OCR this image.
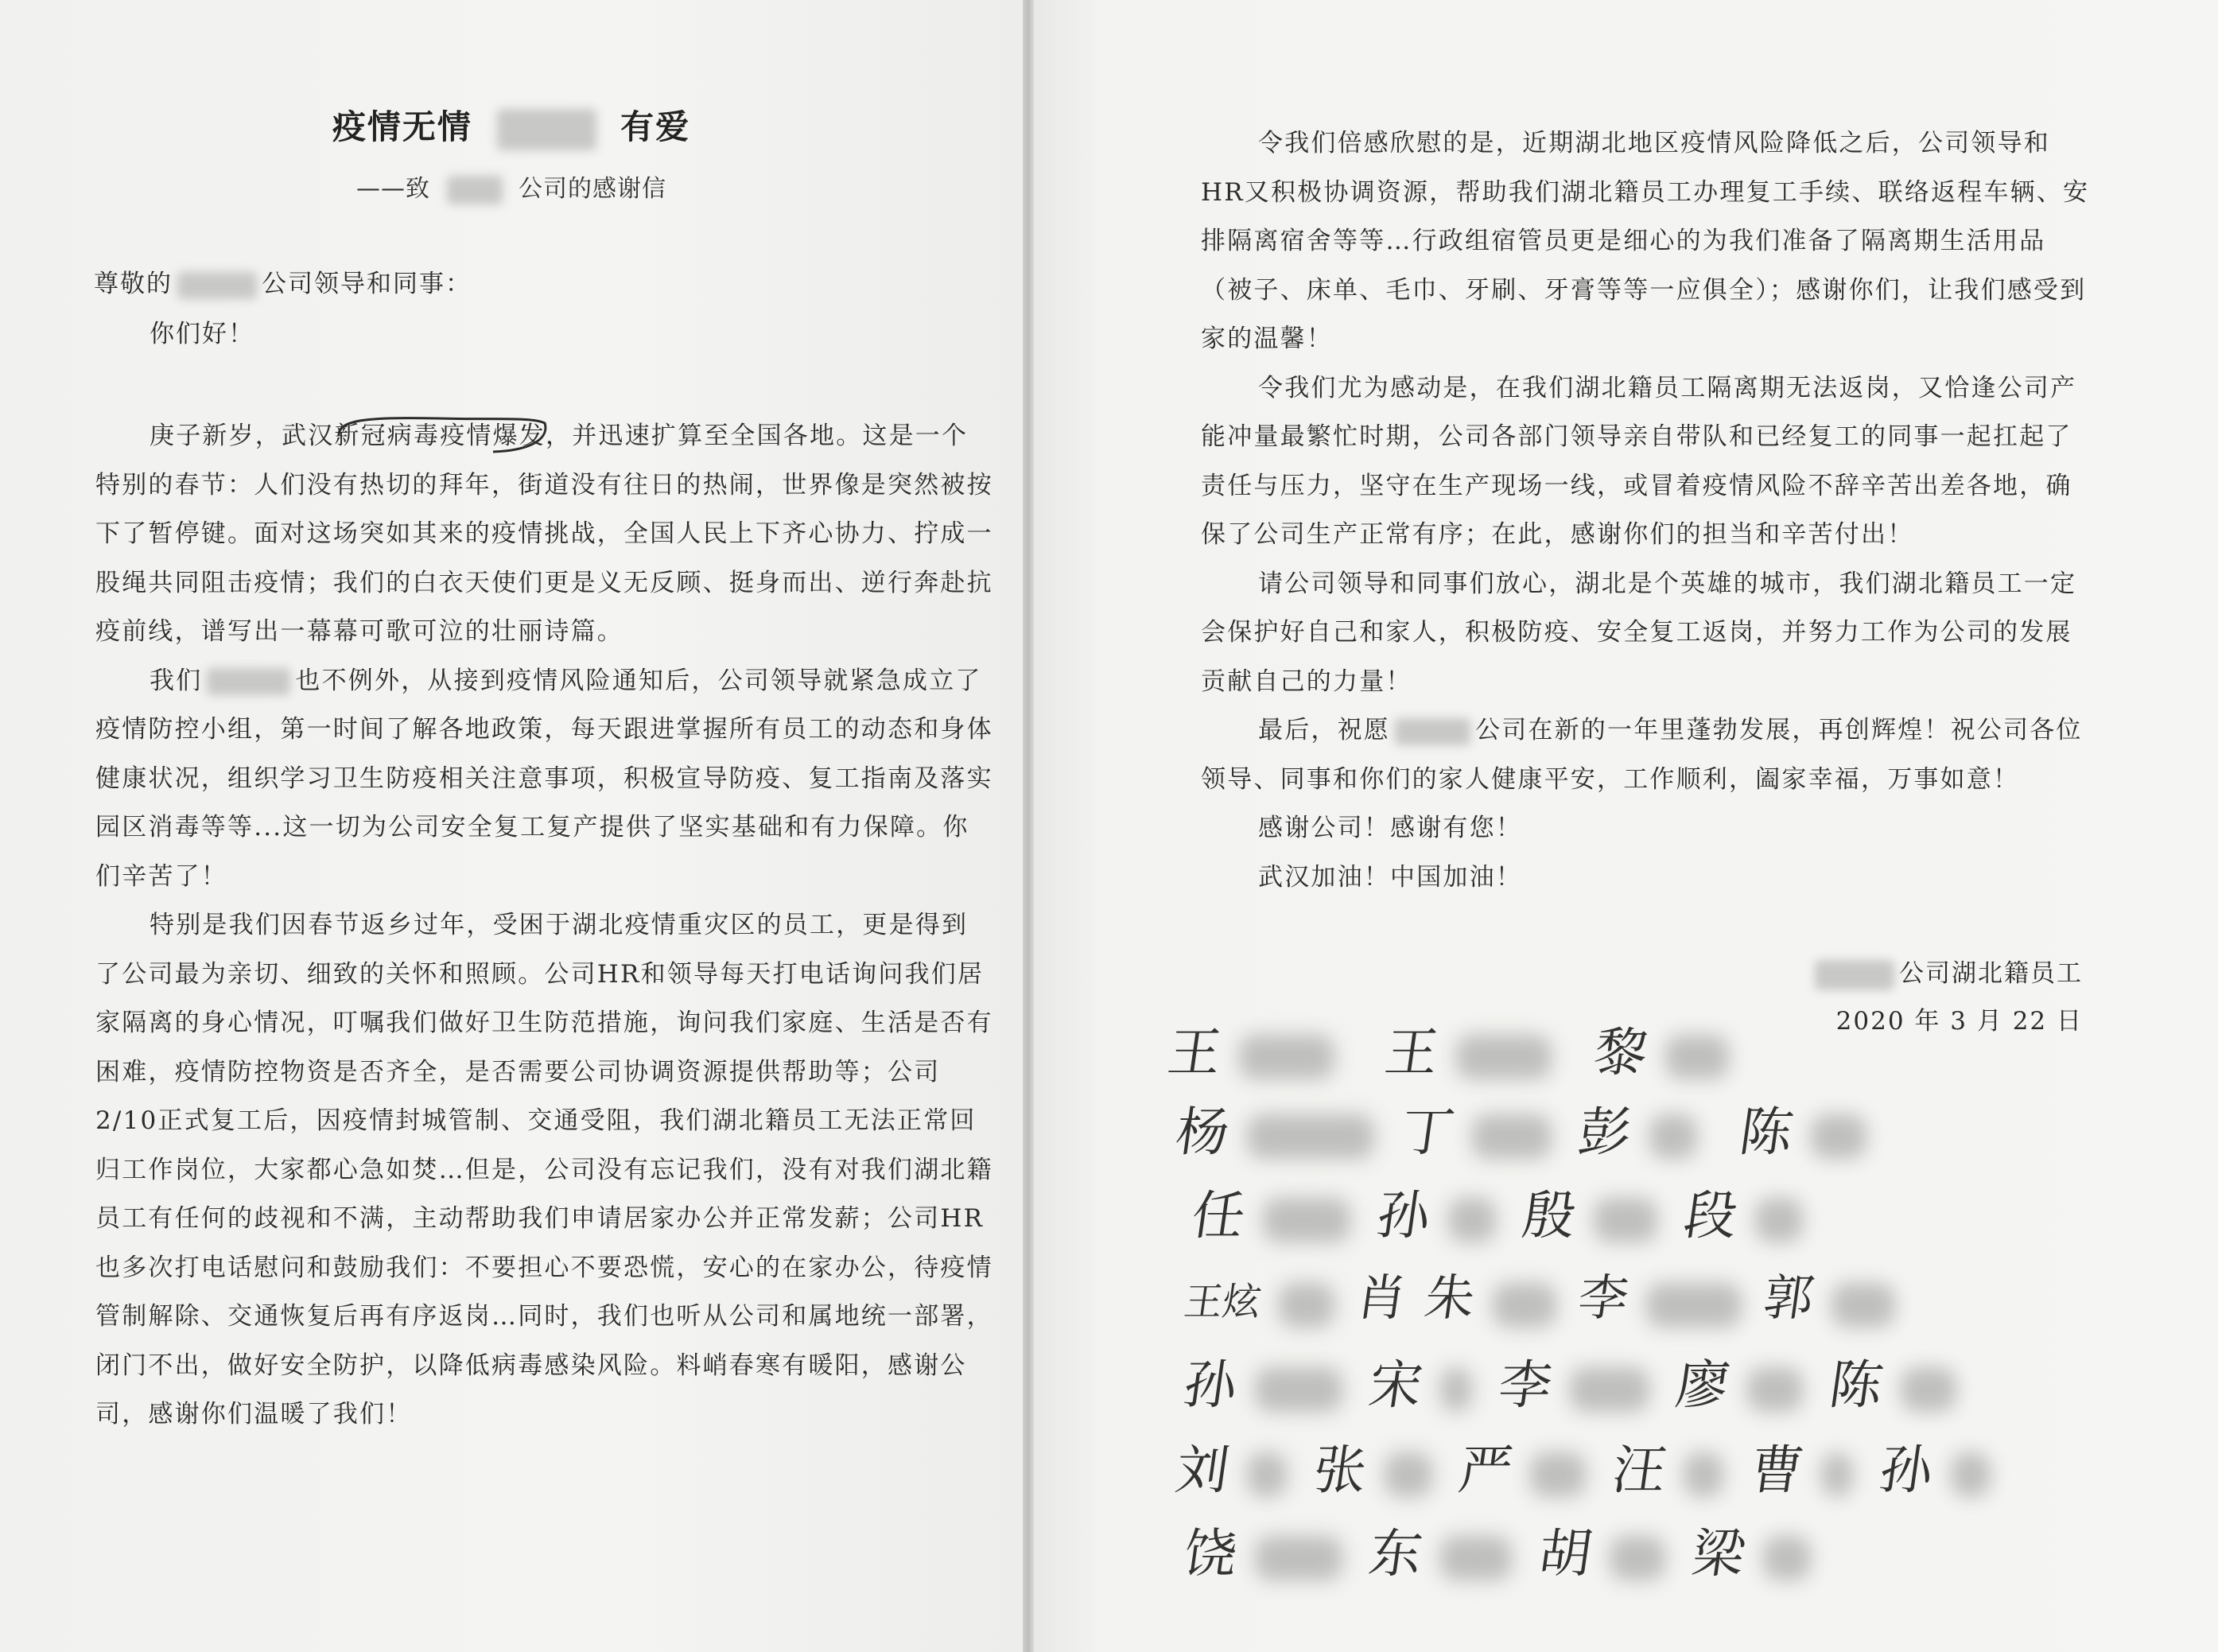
疫情无情	有爱
——致	公司的感谢信
尊敬的	公司领导和同事：
你们好！

庚子新岁，武汉新冠病毒疫情爆发，并迅速扩算至全国各地。这是一个特别的春节：人们没有热切的拜年，街道没有往日的热闹，世界像是突然被按下了暂停键。面对这场突如其来的疫情挑战，全国人民上下齐心协力、拧成一股绳共同阻击疫情；我们的白衣天使们更是义无反顾、挺身而出、逆行奔赴抗疫前线，谱写出一幕幕可歌可泣的壮丽诗篇。

我们	也不例外，从接到疫情风险通知后，公司领导就紧急成立了疫情防控小组，第一时间了解各地政策，每天跟进掌握所有员工的动态和身体健康状况，组织学习卫生防疫相关注意事项，积极宣导防疫、复工指南及落实园区消毒等等...这一切为公司安全复工复产提供了坚实基础和有力保障。你们辛苦了！

特别是我们因春节返乡过年，受困于湖北疫情重灾区的员工，更是得到了公司最为亲切、细致的关怀和照顾。公司HR和领导每天打电话询问我们居家隔离的身心情况，叮嘱我们做好卫生防范措施，询问我们家庭、生活是否有困难，疫情防控物资是否齐全，是否需要公司协调资源提供帮助等；公司2/10正式复工后，因疫情封城管制、交通受阻，我们湖北籍员工无法正常回归工作岗位，大家都心急如焚…但是，公司没有忘记我们，没有对我们湖北籍员工有任何的歧视和不满，主动帮助我们申请居家办公并正常发薪；公司HR也多次打电话慰问和鼓励我们：不要担心不要恐慌，安心的在家办公，待疫情管制解除、交通恢复后再有序返岗…同时，我们也听从公司和属地统一部署，闭门不出，做好安全防护，以降低病毒感染风险。料峭春寒有暖阳，感谢公司，感谢你们温暖了我们！

令我们倍感欣慰的是，近期湖北地区疫情风险降低之后，公司领导和HR又积极协调资源，帮助我们湖北籍员工办理复工手续、联络返程车辆、安排隔离宿舍等等…行政组宿管员更是细心的为我们准备了隔离期生活用品（被子、床单、毛巾、牙刷、牙膏等等一应俱全）；感谢你们，让我们感受到家的温馨！

令我们尤为感动是，在我们湖北籍员工隔离期无法返岗，又恰逢公司产能冲量最繁忙时期，公司各部门领导亲自带队和已经复工的同事一起扛起了责任与压力，坚守在生产现场一线，或冒着疫情风险不辞辛苦出差各地，确保了公司生产正常有序；在此，感谢你们的担当和辛苦付出！

请公司领导和同事们放心，湖北是个英雄的城市，我们湖北籍员工一定会保护好自己和家人，积极防疫、安全复工返岗，并努力工作为公司的发展贡献自己的力量！

最后，祝愿	公司在新的一年里蓬勃发展，再创辉煌！祝公司各位领导、同事和你们的家人健康平安，工作顺利，阖家幸福，万事如意！

感谢公司！感谢有您！
武汉加油！中国加油！
公司湖北籍员工
2020 年 3 月 22 日
王	王	黎
杨	丁 彭 陈
任 孙 殷 段
王炫 肖 朱 李	郭
孙 宋 李 廖 陈
刘 张 严 汪 曹 孙
饶 东 胡 梁
